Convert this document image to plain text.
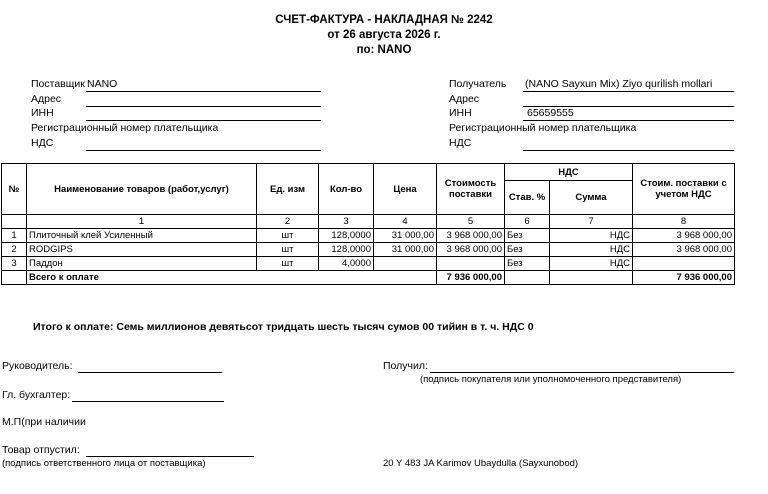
СЧЕТ-ФАКТУРА - НАКЛАДНАЯ № 2242
от 26 августа 2026 г.
по: NANO
Поставщик NANO
Адрес
ИНН
Регистрационный номер плательщика
НДС
Получатель (NANO Sayxun Mix) Ziyo qurilish mollari
Адрес
ИНН	65659555
Регистрационный номер плательщика
НДС
№	Наименование товаров (работ,услуг)	Ед. изм	Кол-во	Цена	Стоимость поставки	НДС		Стоим. поставки с учетом НДС
						Став. %	Сумма	
	1	2	3	4	5	6	7	8
1	Плиточный клей Усиленный	шт	128,0000	31 000,00	3 968 000,00	Без	НДС	3 968 000,00
2	RODGIPS	шт	128,0000	31 000,00	3 968 000,00	Без	НДС	3 968 000,00
3	Паддон	шт	4,0000			Без	НДС	
	Всего к оплате				7 936 000,00			7 936 000,00
Итого к оплате: Семь миллионов девятьсот тридцать шесть тысяч сумов 00 тийин в т. ч. НДС 0
Руководитель:
Гл. бухгалтер:
М.П(при наличии
Товар отпустил:
(подпись ответственного лица от поставщика)
Получил:
(подпись покупателя или уполномоченного представителя)
20 Y 483 JA Karimov Ubaydulla (Sayxunobod)
